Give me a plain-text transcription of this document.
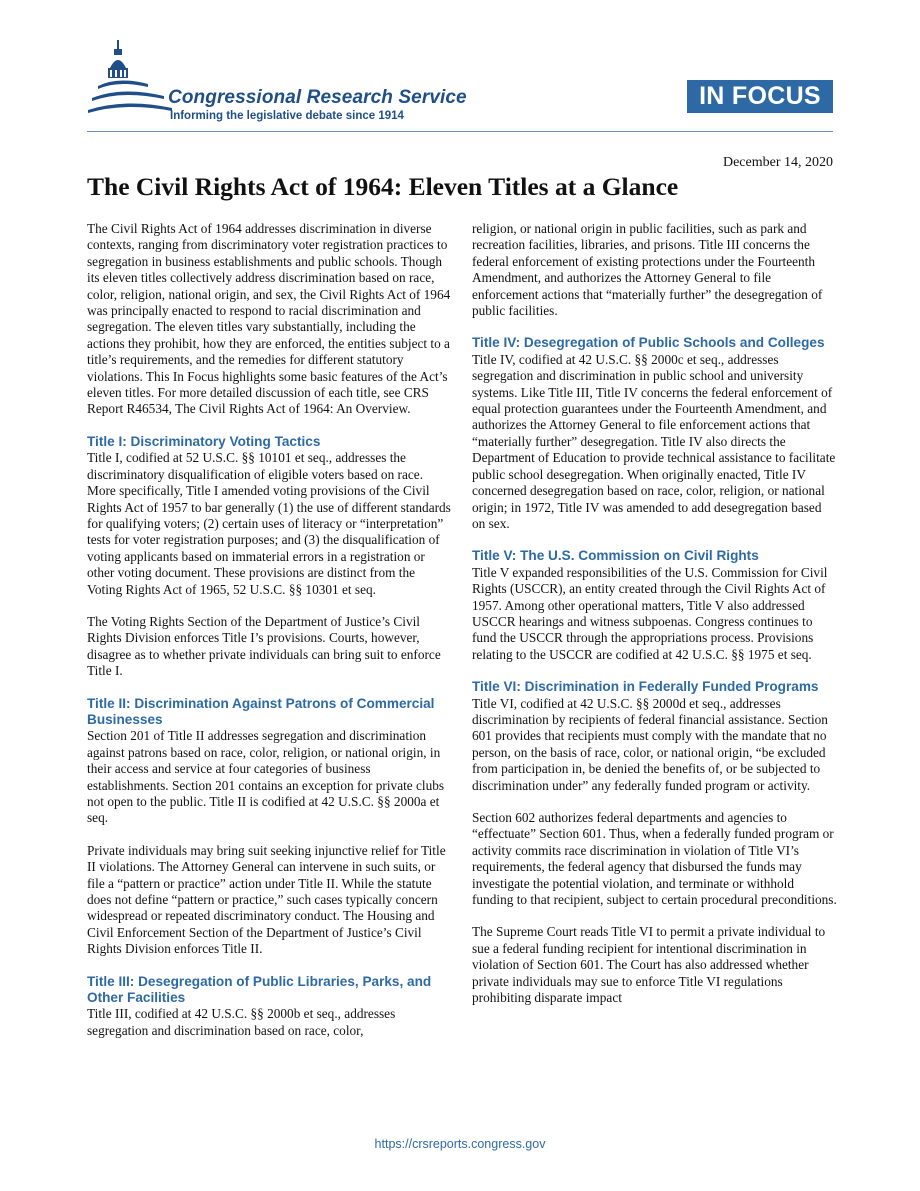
Congressional Research Service
Informing the legislative debate since 1914
IN FOCUS
December 14, 2020
The Civil Rights Act of 1964: Eleven Titles at a Glance

The Civil Rights Act of 1964 addresses discrimination in diverse contexts, ranging from discriminatory voter registration practices to segregation in business establishments and public schools. Though its eleven titles collectively address discrimination based on race, color, religion, national origin, and sex, the Civil Rights Act of 1964 was principally enacted to respond to racial discrimination and segregation. The eleven titles vary substantially, including the actions they prohibit, how they are enforced, the entities subject to a title’s requirements, and the remedies for different statutory violations. This In Focus highlights some basic features of the Act’s eleven titles. For more detailed discussion of each title, see CRS Report R46534, The Civil Rights Act of 1964: An Overview.

Title I: Discriminatory Voting Tactics

Title I, codified at 52 U.S.C. §§ 10101 et seq., addresses the discriminatory disqualification of eligible voters based on race. More specifically, Title I amended voting provisions of the Civil Rights Act of 1957 to bar generally (1) the use of different standards for qualifying voters; (2) certain uses of literacy or “interpretation” tests for voter registration purposes; and (3) the disqualification of voting applicants based on immaterial errors in a registration or other voting document. These provisions are distinct from the Voting Rights Act of 1965, 52 U.S.C. §§ 10301 et seq.

The Voting Rights Section of the Department of Justice’s Civil Rights Division enforces Title I’s provisions. Courts, however, disagree as to whether private individuals can bring suit to enforce Title I.

Title II: Discrimination Against Patrons of Commercial Businesses

Section 201 of Title II addresses segregation and discrimination against patrons based on race, color, religion, or national origin, in their access and service at four categories of business establishments. Section 201 contains an exception for private clubs not open to the public. Title II is codified at 42 U.S.C. §§ 2000a et seq.

Private individuals may bring suit seeking injunctive relief for Title II violations. The Attorney General can intervene in such suits, or file a “pattern or practice” action under Title II. While the statute does not define “pattern or practice,” such cases typically concern widespread or repeated discriminatory conduct. The Housing and Civil Enforcement Section of the Department of Justice’s Civil Rights Division enforces Title II.

Title III: Desegregation of Public Libraries, Parks, and Other Facilities

Title III, codified at 42 U.S.C. §§ 2000b et seq., addresses segregation and discrimination based on race, color,

religion, or national origin in public facilities, such as park and recreation facilities, libraries, and prisons. Title III concerns the federal enforcement of existing protections under the Fourteenth Amendment, and authorizes the Attorney General to file enforcement actions that “materially further” the desegregation of public facilities.

Title IV: Desegregation of Public Schools and Colleges

Title IV, codified at 42 U.S.C. §§ 2000c et seq., addresses segregation and discrimination in public school and university systems. Like Title III, Title IV concerns the federal enforcement of equal protection guarantees under the Fourteenth Amendment, and authorizes the Attorney General to file enforcement actions that “materially further” desegregation. Title IV also directs the Department of Education to provide technical assistance to facilitate public school desegregation. When originally enacted, Title IV concerned desegregation based on race, color, religion, or national origin; in 1972, Title IV was amended to add desegregation based on sex.

Title V: The U.S. Commission on Civil Rights

Title V expanded responsibilities of the U.S. Commission for Civil Rights (USCCR), an entity created through the Civil Rights Act of 1957. Among other operational matters, Title V also addressed USCCR hearings and witness subpoenas. Congress continues to fund the USCCR through the appropriations process. Provisions relating to the USCCR are codified at 42 U.S.C. §§ 1975 et seq.

Title VI: Discrimination in Federally Funded Programs

Title VI, codified at 42 U.S.C. §§ 2000d et seq., addresses discrimination by recipients of federal financial assistance. Section 601 provides that recipients must comply with the mandate that no person, on the basis of race, color, or national origin, “be excluded from participation in, be denied the benefits of, or be subjected to discrimination under” any federally funded program or activity.

Section 602 authorizes federal departments and agencies to “effectuate” Section 601. Thus, when a federally funded program or activity commits race discrimination in violation of Title VI’s requirements, the federal agency that disbursed the funds may investigate the potential violation, and terminate or withhold funding to that recipient, subject to certain procedural preconditions.

The Supreme Court reads Title VI to permit a private individual to sue a federal funding recipient for intentional discrimination in violation of Section 601. The Court has also addressed whether private individuals may sue to enforce Title VI regulations prohibiting disparate impact

https://crsreports.congress.gov
